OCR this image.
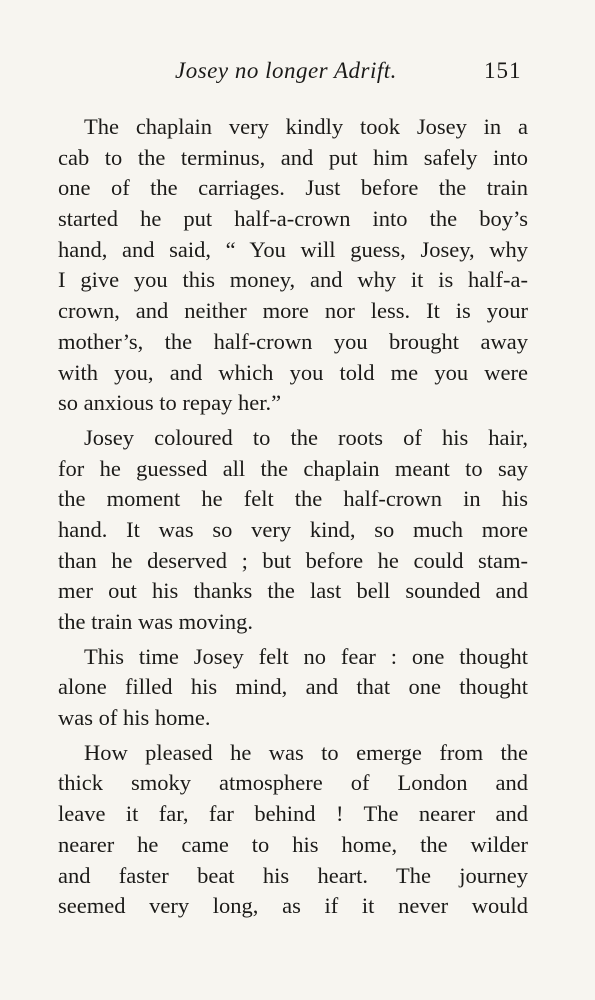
Josey no longer Adrift.	151
The chaplain very kindly took Josey in a
cab to the terminus, and put him safely into
one of the carriages. Just before the train
started he put half-a-crown into the boy’s
hand, and said, “ You will guess, Josey, why
I give you this money, and why it is half-a-
crown, and neither more nor less. It is your
mother’s, the half-crown you brought away
with you, and which you told me you were
so anxious to repay her.”
Josey coloured to the roots of his hair,
for he guessed all the chaplain meant to say
the moment he felt the half-crown in his
hand. It was so very kind, so much more
than he deserved ; but before he could stam-
mer out his thanks the last bell sounded and
the train was moving.
This time Josey felt no fear : one thought
alone filled his mind, and that one thought
was of his home.
How pleased he was to emerge from the
thick smoky atmosphere of London and
leave it far, far behind ! The nearer and
nearer he came to his home, the wilder
and faster beat his heart. The journey
seemed very long, as if it never would
